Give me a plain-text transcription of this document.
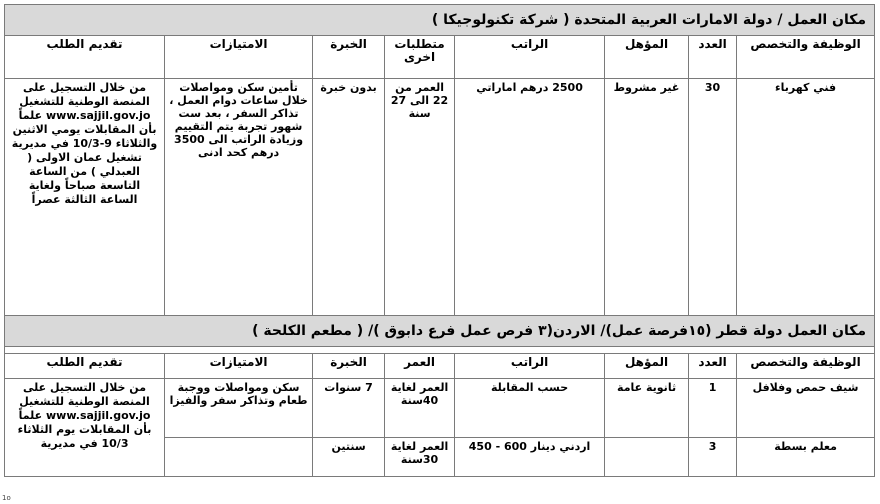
مكان العمل / دولة الامارات العربية المتحدة ( شركة تكنولوجيكا )							
الوظيفة والتخصص	العدد	المؤهل	الراتب	متطلبات اخرى	الخبرة	الامتيازات	تقديم الطلب
فني كهرباء	30	غير مشروط	2500 درهم اماراتي	العمر من 22 الى 27 سنة	بدون خبرة	تأمين سكن ومواصلات خلال ساعات دوام العمل ، تذاكر السفر ، بعد ست شهور تجربة يتم التقييم وزيادة الراتب الى 3500 درهم كحد ادنى	من خلال التسجيل على المنصة الوطنية للتشغيل www.sajjil.gov.jo علماً بأن المقابلات يومي الاثنين والثلاثاء 9-10/3 في مديرية تشغيل عمان الاولى ( العبدلي ) من الساعة التاسعة صباحاً ولغاية الساعة الثالثة عصراً
مكان العمل دولة قطر (١٥فرصة عمل)/ الاردن(٣ فرص عمل فرع دابوق )/ ( مطعم الكلحة )							

الوظيفة والتخصص	العدد	المؤهل	الراتب	العمر	الخبرة	الامتيازات	تقديم الطلب
شيف حمص وفلافل	1	ثانوية عامة	حسب المقابلة	العمر لغاية 40سنة	7 سنوات	سكن ومواصلات ووجبة طعام وتذاكر سفر والفيزا	من خلال التسجيل على المنصة الوطنية للتشغيل www.sajjil.gov.jo علماً بأن المقابلات يوم الثلاثاء 10/3 في مديرية
معلم بسطة	3		اردني دينار 600 - 450	العمر لغاية 30سنة	سنتين		
1o
